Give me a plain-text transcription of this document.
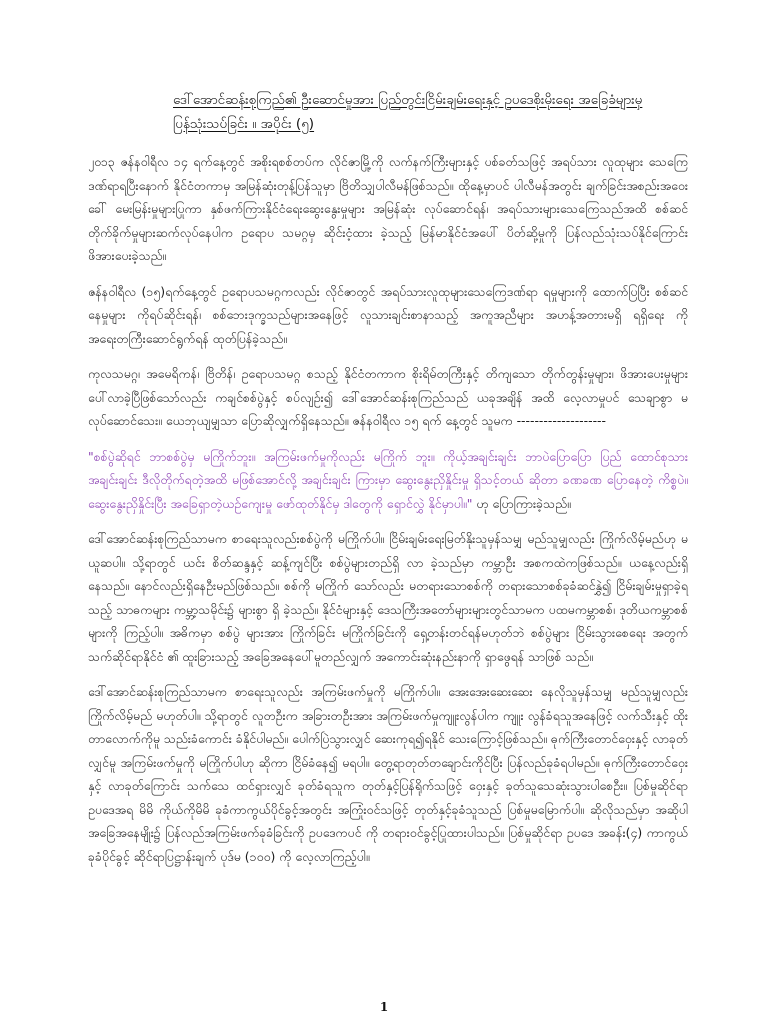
ဒေါ်အောင်ဆန်းစုကြည်၏ ဦးဆောင်မှုအား ပြည်တွင်းငြိမ်းချမ်းရေးနှင့် ဥပဒေစိုးမိုးရေး အခြေခံများမှ
ပြန်သုံးသပ်ခြင်း ။ အပိုင်း (၅)

၂၀၁၃ ဇန်နဝါရီလ ၁၄ ရက်နေ့တွင် အစိုးရစစ်တပ်က လိုင်ဇာမြို့ကို လက်နက်ကြီးများနှင့် ပစ်ခတ်သဖြင့် အရပ်သား လူထုများ သေကြေဒဏ်ရာရပြီးနောက် နိုင်ငံတကာမှ အမြန်ဆုံးတုန့်ပြန်သူမှာ ဗြိတိသျှပါလီမန်ဖြစ်သည်။ ထိုနေ့မှာပင် ပါလီမန်အတွင်း ချက်ခြင်းအစည်းအဝေးခေါ် မေးမြန်းမှုများပြုကာ နှစ်ဖက်ကြားနိုင်ငံရေးဆွေးနွေးမှုများ အမြန်ဆုံး လုပ်ဆောင်ရန်၊ အရပ်သားများသေကြေသည်အထိ စစ်ဆင်တိုက်ခိုက်မှုများဆက်လုပ်နေပါက ဥရောပ သမဂ္ဂမှ ဆိုင်းငံ့ထား ခဲ့သည့် မြန်မာနိုင်ငံအပေါ် ပိတ်ဆို့မှုကို ပြန်လည်သုံးသပ်နိုင်ကြောင်း ဖိအားပေးခဲ့သည်။

ဇန်နဝါရီလ (၁၅)ရက်နေ့တွင် ဥရောပသမဂ္ဂကလည်း လိုင်ဇာတွင် အရပ်သားလူထုများသေကြေဒဏ်ရာ ရမှုများကို ထောက်ပြပြီး စစ်ဆင်နေမှုများ ကိုရပ်ဆိုင်းရန်၊ စစ်ဘေးဒုက္ခသည်များအနေဖြင့် လူသားချင်းစာနာသည့် အကူအညီများ အဟန့်အတားမရှိ ရရှိရေး ကို အရေးတကြီးဆောင်ရွက်ရန် ထုတ်ပြန်ခဲ့သည်။

ကုလသမဂ္ဂ၊ အမေရိကန်၊ ဗြိတိန်၊ ဥရောပသမဂ္ဂ စသည့် နိုင်ငံတကာက စိုးရိမ်တကြီးနှင့် တိကျသော တိုက်တွန်းမှုများ၊ ဖိအားပေးမှုများ ပေါ်လာခဲ့ပြီဖြစ်သော်လည်း ကချင်စစ်ပွဲနှင့် စပ်လျဉ်း၍ ဒေါ်အောင်ဆန်းစုကြည်သည် ယခုအချိန် အထိ လေ့လာမှုပင် သေချာစွာ မလုပ်ဆောင်သေး။ ယေဘုယျမျှသာ ပြောဆိုလျှက်ရှိနေသည်။ ဇန်နဝါရီလ ၁၅ ရက် နေ့တွင် သူမက --------------------

"စစ်ပွဲဆိုရင် ဘာစစ်ပွဲမှ မကြိုက်ဘူး။ အကြမ်းဖက်မှုကိုလည်း မကြိုက် ဘူး။ ကိုယ့်အချင်းချင်း ဘာပဲပြောပြော ပြည် ထောင်စုသား အချင်းချင်း ဒီလိုတိုက်ရတဲ့အထိ မဖြစ်အောင်လို့ အချင်းချင်း ကြားမှာ ဆွေးနွေးညှိနှိုင်းမှု ရှိသင့်တယ် ဆိုတာ ခဏခဏ ပြောနေတဲ့ ကိစ္စပဲ။ ဆွေးနွေးညှိနှိုင်းပြီး အခြေရှာတဲ့ယဉ်ကျေးမှု ဖော်ထုတ်နိုင်မှ ဒါတွေကို ရှောင်လွှဲ နိုင်မှာပါ။" ဟု ပြောကြားခဲ့သည်။

ဒေါ်အောင်ဆန်းစုကြည်သာမက စာရေးသူလည်းစစ်ပွဲကို မကြိုက်ပါ။ ငြိမ်းချမ်းရေးမြတ်နိုးသူမှန်သမျှ မည်သူမျှလည်း ကြိုက်လိမ့်မည်ဟု မယူဆပါ။ သို့ရာတွင် ယင်း စိတ်ဆန္ဒနှင့် ဆန့်ကျင်ပြီး စစ်ပွဲများတည်ရှိ လာ ခဲ့သည်မှာ ကမ္ဘာဦး အစကထဲကဖြစ်သည်။ ယနေ့လည်းရှိနေသည်။ နောင်လည်းရှိနေဦးမည်ဖြစ်သည်။ စစ်ကို မကြိုက် သော်လည်း မတရားသောစစ်ကို တရားသောစစ်ခုခံဆင်နွှဲ၍ ငြိမ်းချမ်းမှုရှာခဲ့ရသည့် သာဓကများ ကမ္ဘာ့သမိုင်း၌ များစွာ ရှိ ခဲ့သည်။ နိုင်ငံများနှင့် ဒေသကြီးအတော်များများတွင်သာမက ပထမကမ္ဘာစစ်၊ ဒုတိယကမ္ဘာစစ်များကို ကြည့်ပါ။ အဓိကမှာ စစ်ပွဲ များအား ကြိုက်ခြင်း မကြိုက်ခြင်းကို ရှေ့တန်းတင်ရန်မဟုတ်ဘဲ စစ်ပွဲများ ငြိမ်းသွားစေရေး အတွက် သက်ဆိုင်ရာနိုင်ငံ ၏ ထူးခြားသည့် အခြေအနေပေါ်မူတည်လျှက် အကောင်းဆုံးနည်းနာကို ရှာဖွေရန် သာဖြစ် သည်။

ဒေါ်အောင်ဆန်းစုကြည်သာမက စာရေးသူလည်း အကြမ်းဖက်မှုကို မကြိုက်ပါ။ အေးအေးဆေးဆေး နေလိုသူမှန်သမျှ မည်သူမျှလည်း ကြိုက်လိမ့်မည် မဟုတ်ပါ။ သို့ရာတွင် လူတဦးက အခြားတဦးအား အကြမ်းဖက်မှုကျူးလွန်ပါက ကျူး လွန်ခံရသူအနေဖြင့် လက်သီးနှင့် ထိုးတာလောက်ကိုမူ သည်းခံကောင်း ခံနိုင်ပါမည်။ ပေါက်ပြဲသွားလျှင် ဆေးကုရ၍ရနိုင် သေးကြောင့်ဖြစ်သည်။ ဓုက်ကြီးတောင်ဝှေးနှင့် လာခုတ်လျှင်မူ အကြမ်းဖက်မှုကို မကြိုက်ပါဟု ဆိုကာ ငြိမ်ခံနေ၍ မရပါ။ တွေ့ရာတုတ်တချောင်းကိုင်ပြီး ပြန်လည်ခုခံရပါမည်။ ဓုက်ကြီးတောင်ဝှေး နှင့် လာခုတ်ကြောင်း သက်သေ ထင်ရှားလျှင် ခုတ်ခံရသူက တုတ်နှင့်ပြန်ရိုက်သဖြင့် ဝှေးနှင့် ခုတ်သူသေဆုံးသွားပါစေဦး။ ပြစ်မှုဆိုင်ရာဥပဒေအရ မိမိ ကိုယ်ကိုမိမိ ခုခံကာကွယ်ပိုင်ခွင့်အတွင်း အကြုံးဝင်သဖြင့် တုတ်နှင့်ခုခံသူသည် ပြစ်မှုမမြောက်ပါ။ ဆိုလိုသည်မှာ အဆိုပါ အခြေအနေမျိုး၌ ပြန်လည်အကြမ်းဖက်ခုခံခြင်းကို ဥပဒေကပင် ကို တရားဝင်ခွင့်ပြုထားပါသည်။ ပြစ်မှုဆိုင်ရာ ဥပဒေ အခန်း(၄) ကာကွယ်ခုခံပိုင်ခွင့် ဆိုင်ရာပြဋ္ဌာန်းချက် ပုဒ်မ (၁၀၀) ကို လေ့လာကြည့်ပါ။

1
